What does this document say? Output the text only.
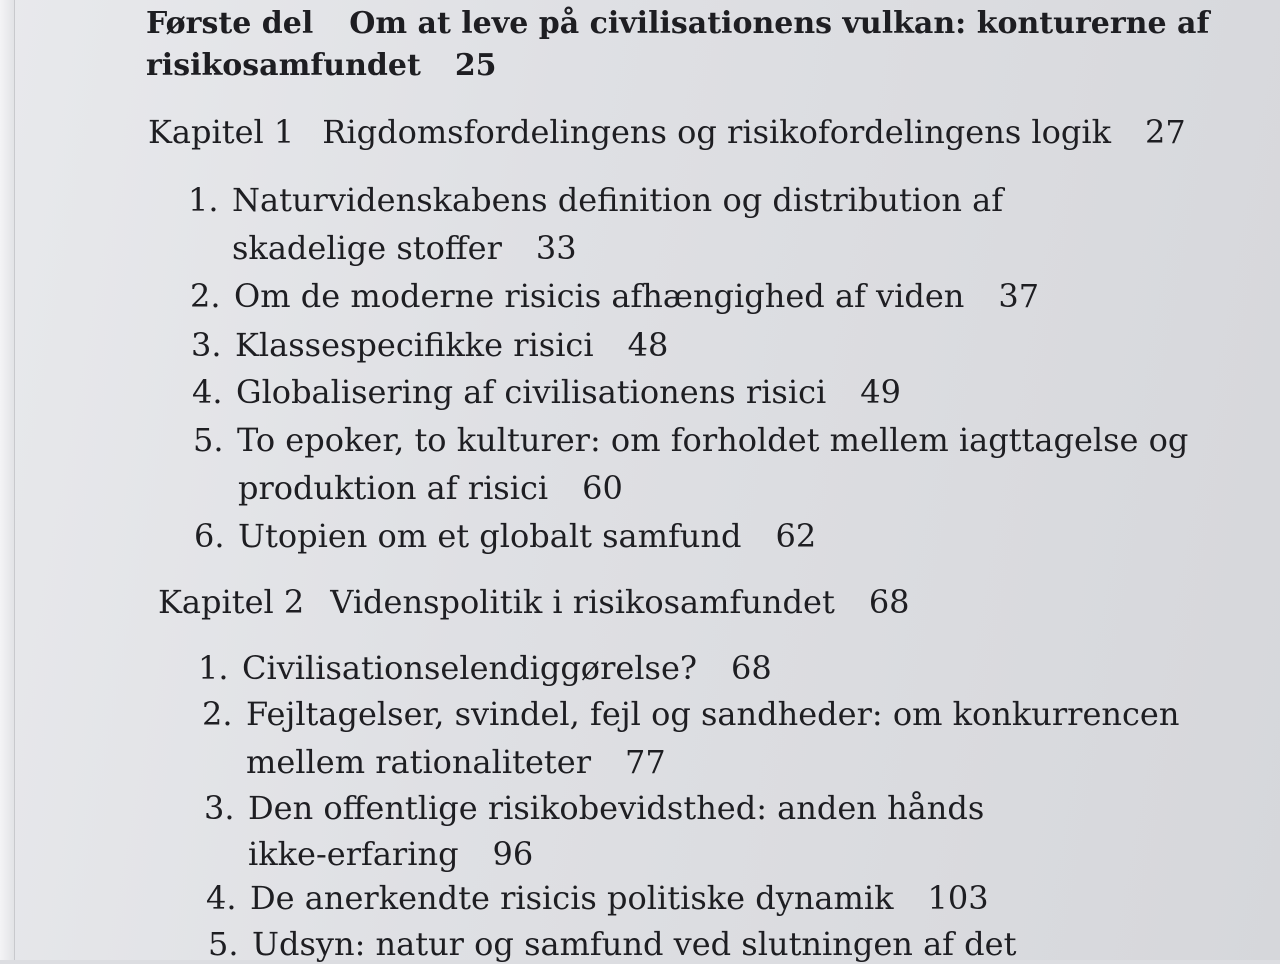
Første del Om at leve på civilisationens vulkan: konturerne af
risikosamfundet 25
Kapitel 1 Rigdomsfordelingens og risikofordelingens logik 27
1. Naturvidenskabens definition og distribution af
skadelige stoffer 33
2. Om de moderne risicis afhængighed af viden 37
3. Klassespecifikke risici 48
4. Globalisering af civilisationens risici 49
5. To epoker, to kulturer: om forholdet mellem iagttagelse og
produktion af risici 60
6. Utopien om et globalt samfund 62
Kapitel 2 Videnspolitik i risikosamfundet 68
1. Civilisationselendiggørelse? 68
2. Fejltagelser, svindel, fejl og sandheder: om konkurrencen
mellem rationaliteter 77
3. Den offentlige risikobevidsthed: anden hånds
ikke-erfaring 96
4. De anerkendte risicis politiske dynamik 103
5. Udsyn: natur og samfund ved slutningen af det
